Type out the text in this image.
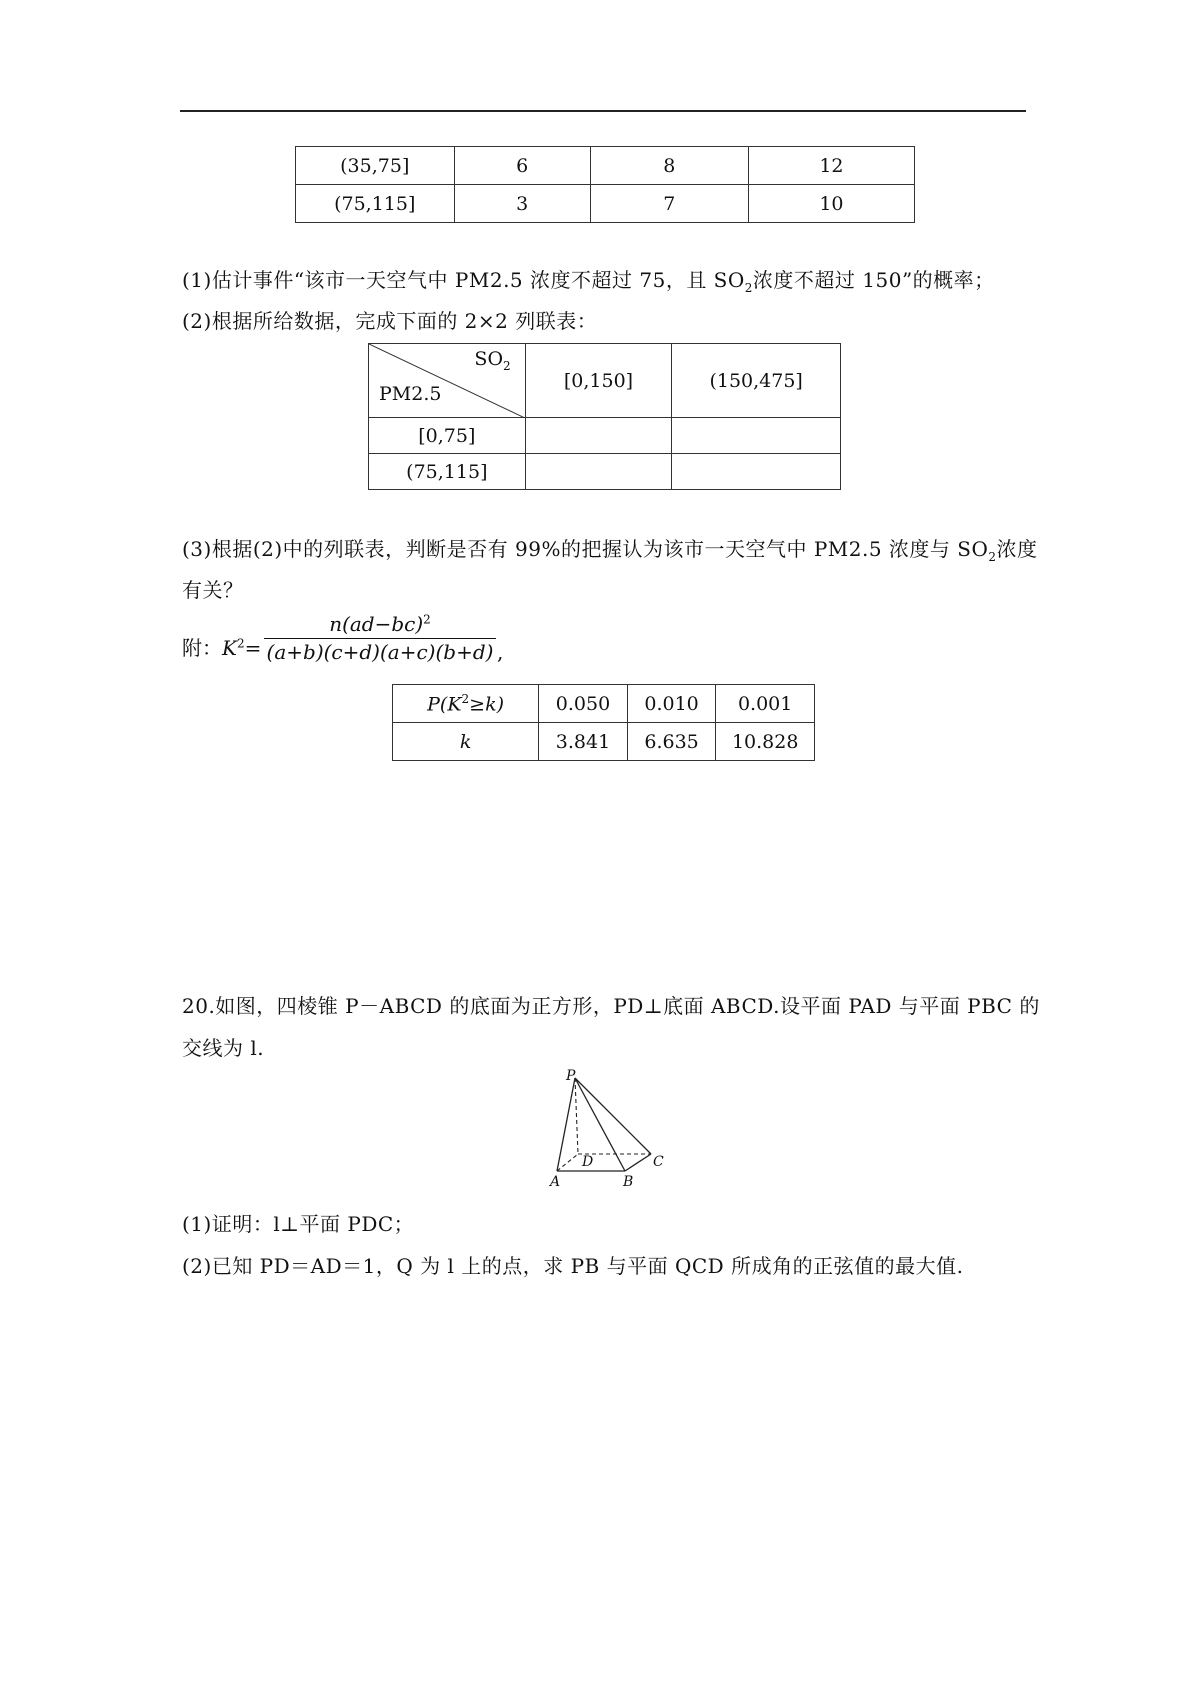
(35,75]	6	8	12
(75,115]	3	7	10
(1)估计事件“该市一天空气中 PM2.5 浓度不超过 75，且 $SO_2$浓度不超过 150”的概率；
(2)根据所给数据，完成下面的 2×2 列联表：
$SO_2$
PM2.5	[0,150]	(150,475]
[0,75]		
(75,115]		
(3)根据(2)中的列联表，判断是否有 99%的把握认为该市一天空气中 PM2.5 浓度与 $SO_2$浓度
有关？
附：$K^2=$
$n(ad-bc)^2$
(a+b)(c+d)(a+c)(b+d) ,
$P(K^2\ge k)$	0.050	0.010	0.001
k	3.841	6.635	10.828
20.如图，四棱锥 P－ABCD 的底面为正方形，PD⊥底面 ABCD.设平面 PAD 与平面 PBC 的
交线为 l.
P
D	C
A	B
(1)证明：l⊥平面 PDC；
(2)已知 PD＝AD＝1，Q 为 l 上的点，求 PB 与平面 QCD 所成角的正弦值的最大值.
